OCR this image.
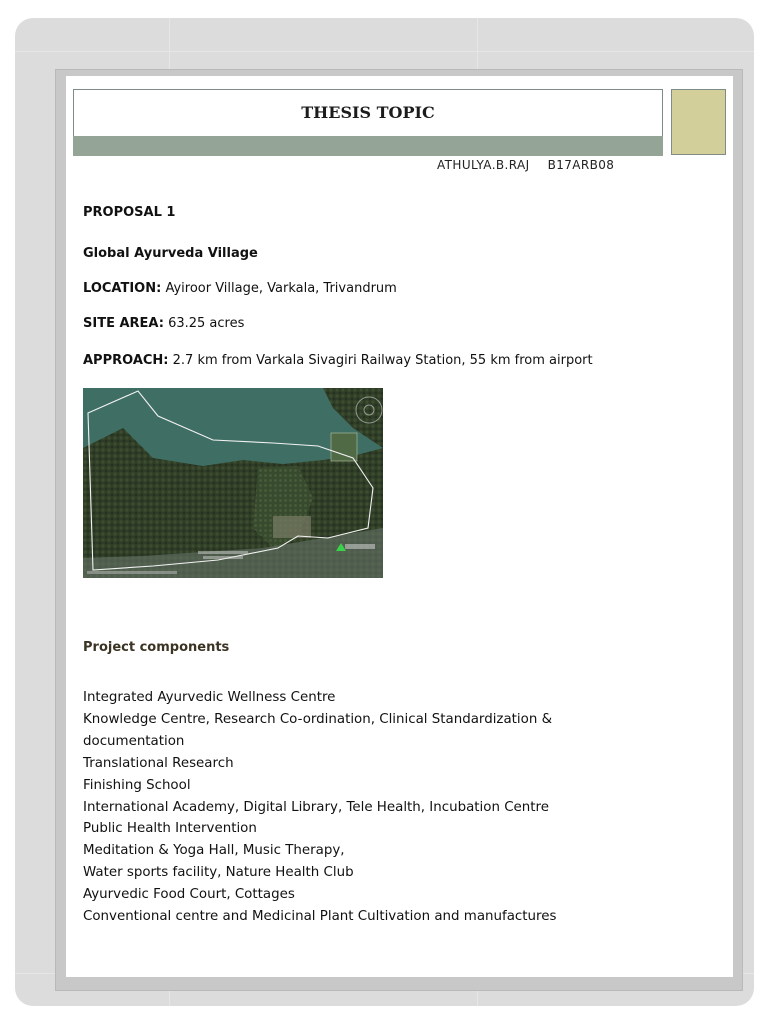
THESIS TOPIC
ATHULYA.B.RAJ B17ARB08
PROPOSAL 1
Global Ayurveda Village
LOCATION: Ayiroor Village, Varkala, Trivandrum
SITE AREA: 63.25 acres
APPROACH: 2.7 km from Varkala Sivagiri Railway Station, 55 km from airport
Project components
Integrated Ayurvedic Wellness Centre
Knowledge Centre, Research Co-ordination, Clinical Standardization &
documentation
Translational Research
Finishing School
International Academy, Digital Library, Tele Health, Incubation Centre
Public Health Intervention
Meditation & Yoga Hall, Music Therapy,
Water sports facility, Nature Health Club
Ayurvedic Food Court, Cottages
Conventional centre and Medicinal Plant Cultivation and manufactures
